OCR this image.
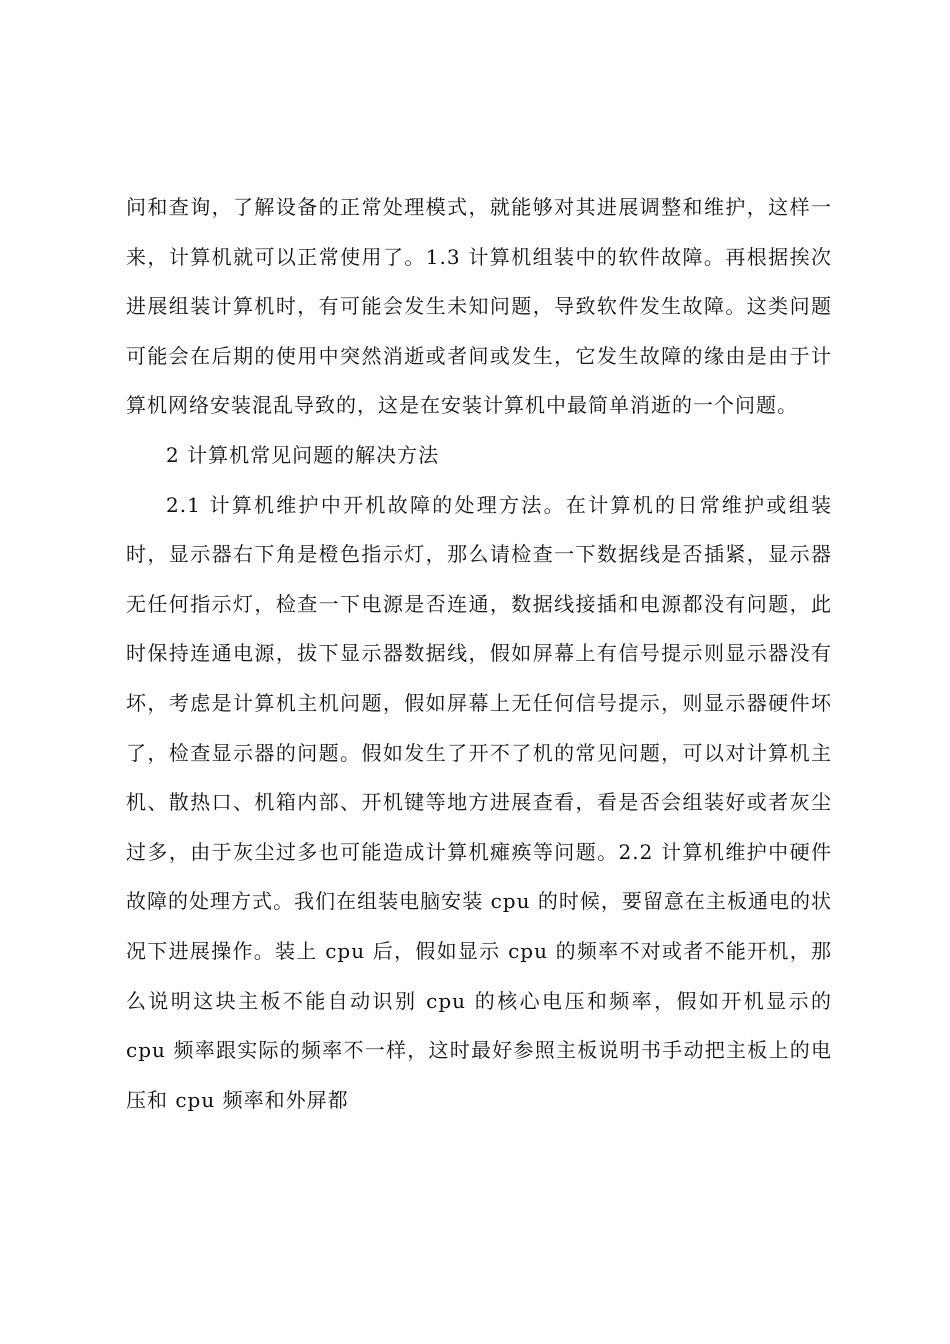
问和查询，了解设备的正常处理模式，就能够对其进展调整和维护，这样一来，计算机就可以正常使用了。1.3 计算机组装中的软件故障。再根据挨次进展组装计算机时，有可能会发生未知问题，导致软件发生故障。这类问题可能会在后期的使用中突然消逝或者间或发生，它发生故障的缘由是由于计算机网络安装混乱导致的，这是在安装计算机中最简单消逝的一个问题。

2 计算机常见问题的解决方法

2.1 计算机维护中开机故障的处理方法。在计算机的日常维护或组装时，显示器右下角是橙色指示灯，那么请检查一下数据线是否插紧，显示器无任何指示灯，检查一下电源是否连通，数据线接插和电源都没有问题，此时保持连通电源，拔下显示器数据线，假如屏幕上有信号提示则显示器没有坏，考虑是计算机主机问题，假如屏幕上无任何信号提示，则显示器硬件坏了，检查显示器的问题。假如发生了开不了机的常见问题，可以对计算机主机、散热口、机箱内部、开机键等地方进展查看，看是否会组装好或者灰尘过多，由于灰尘过多也可能造成计算机瘫痪等问题。2.2 计算机维护中硬件故障的处理方式。我们在组装电脑安装 cpu 的时候，要留意在主板通电的状况下进展操作。装上 cpu 后，假如显示 cpu 的频率不对或者不能开机，那么说明这块主板不能自动识别 cpu 的核心电压和频率，假如开机显示的 cpu 频率跟实际的频率不一样，这时最好参照主板说明书手动把主板上的电压和 cpu 频率和外屏都
